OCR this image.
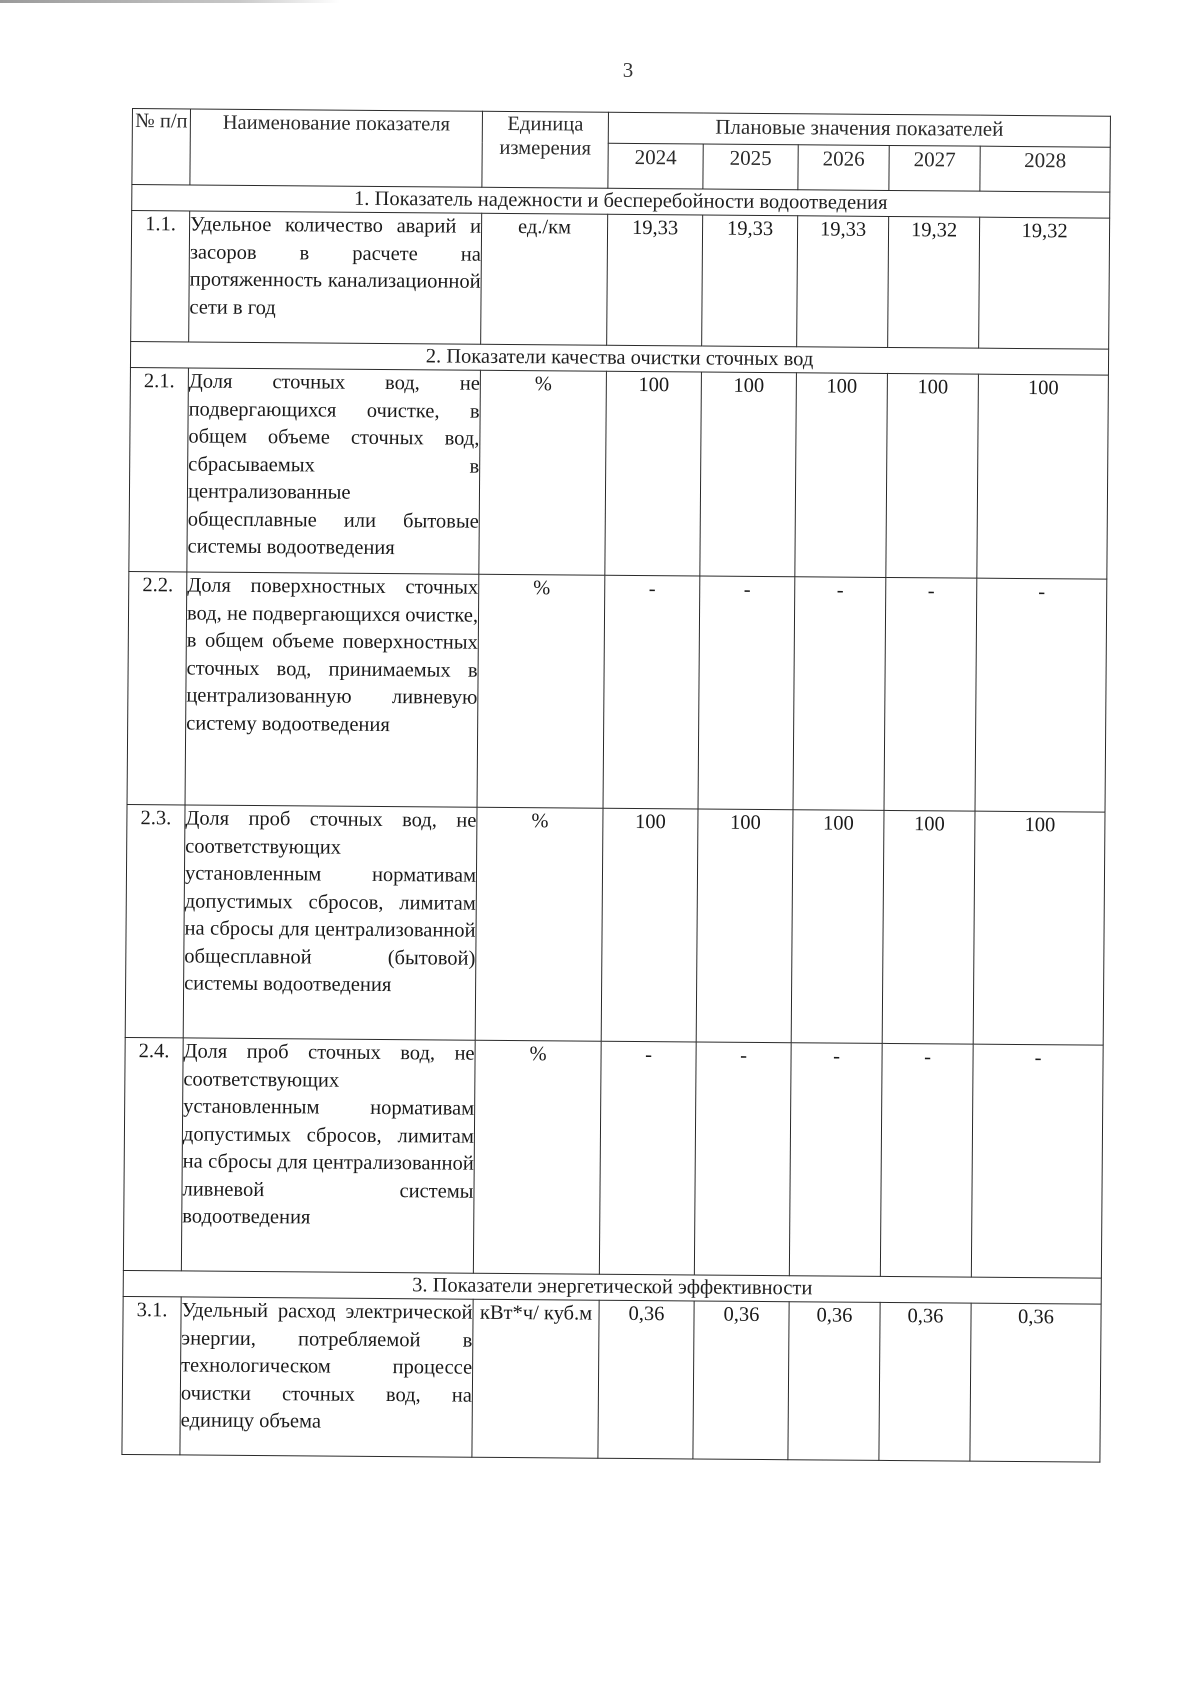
3
№ п/п	Наименование показателя	Единица измерения	Плановые значения показателей				
			2024	2025	2026	2027	2028
1. Показатель надежности и бесперебойности водоотведения							
1.1.	Удельное количество аварий и засоров в расчете на протяженность канализационной сети в год	ед./км	19,33	19,33	19,33	19,32	19,32
2. Показатели качества очистки сточных вод							
2.1.	Доля сточных вод, не подвергающихся очистке, в общем объеме сточных вод, сбрасываемых в централизованные общесплавные или бытовые системы водоотведения	%	100	100	100	100	100
2.2.	Доля поверхностных сточных вод, не подвергающихся очистке, в общем объеме поверхностных сточных вод, принимаемых в централизованную ливневую систему водоотведения	%	-	-	-	-	-
2.3.	Доля проб сточных вод, не соответствующих установленным нормативам допустимых сбросов, лимитам на сбросы для централизованной общесплавной (бытовой) системы водоотведения	%	100	100	100	100	100
2.4.	Доля проб сточных вод, не соответствующих установленным нормативам допустимых сбросов, лимитам на сбросы для централизованной ливневой системы водоотведения	%	-	-	-	-	-
3. Показатели энергетической эффективности							
3.1.	Удельный расход электрической энергии, потребляемой в технологическом процессе очистки сточных вод, на единицу объема	кВт*ч/ куб.м	0,36	0,36	0,36	0,36	0,36
